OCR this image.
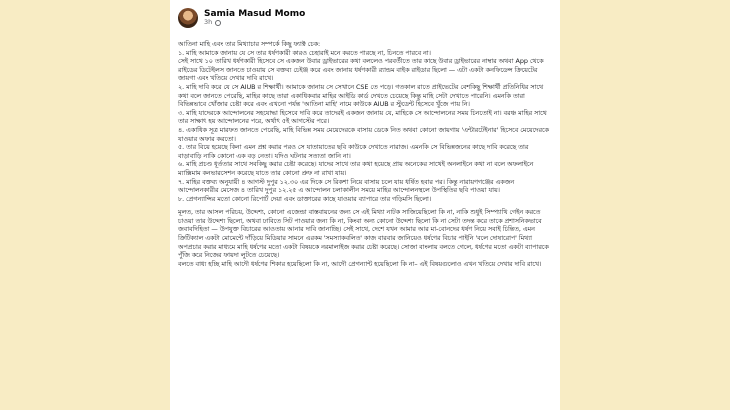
Samia Masud Momo
3h

আতিনা মাহি এবং তার মিথ্যাচার সম্পর্কে কিছু ফ্যাক্ট চেক:

১. মাহি আমাকে জানায় যে সে তার ধর্ষণকারী কারও চেহারাই মনে করতে পারছে না, চিনতে পারবে না।

সেই সাথে ১০ তারিখ ধর্ষণকারী হিসেবে সে একজন উবার ড্রাইভারের কথা বললেও পরবর্তীতে তার কাছে উবার ড্রাইভারের নাম্বার অথবা App থেকে রাইডের ডিটেইলস জানতে চাওয়ায় সে বক্তব্য চেইঞ্জ করে এবং জানায় ধর্ষণকারী র‍্যান্ডম বাইক রাইডার ছিলো — এটা একটা কনফিডেন্স ক্রিয়েটের জায়গা এবং খতিয়ে দেখার দাবি রাখে।

২. মাহি দাবি করে যে সে AIUB র শিক্ষার্থী। আমাকে জানায় সে সেখানে CSE তে পড়ে। গতকাল রাতে প্রাইভেটের বেশকিছু শিক্ষার্থী প্রতিনিধির সাথে কথা বলে জানতে পেরেছি, মাহির কাছে তারা একাধিকবার মাহির আইডি কার্ড দেখতে চেয়েছে কিন্তু মাহি সেটা দেখাতে পারেনি। এমনকি তারা বিভিন্নভাবে খোঁজার চেষ্টা করে এবং এখনো পর্যন্ত 'আতিনা মাহি' নামে কাউকে AIUB র স্টুডেন্ট হিসেবে খুঁজে পায় নি।

৩. মাহি যাদেরকে আন্দোলনের সহযোদ্ধা হিসেবে দাবি করে তাদেরই একজন জানায় যে, মাহিকে সে আন্দোলনের সময় চিনতোই না। বরঞ্চ মাহির সাথে তার সাক্ষাৎ হয় আন্দোলনের পরে, অর্থাৎ ৫ই আগস্টের পরে।

৪. একাধিক সূত্র মারফত জানতে পেরেছি, মাহি বিভিন্ন সময় মেয়েদেরকে বাসায় ডেকে নিত অথবা কোনো জায়গায় 'এন্টারটেইনার' হিসেবে মেয়েদেরকে যাওয়ার অফার করতো।

৫. তার বিয়ে হয়েছে কিনা এমন প্রশ্ন করার পরও সে যাতায়াতের ছবি কাউকে দেখাতে নারাজ। এমনকি সে বিভিন্নজনের কাছে দাবি করেছে তার বাড়াবাড়ি নাকি কোনো এক বড় নেতা। যদিও ঘটনার সত্যতা জানি না।

৬. মাহি প্রচণ্ড ধূর্ততার সাথে সবকিছু করার চেষ্টা করেছে। যাদের সাথে তার কথা হয়েছে প্রায় অনেকের সাথেই অনলাইনে কথা না বলে অফলাইনে ম্যাক্সিমাম কনভারসেশন করেছে যাতে তার কোনো প্রুফ না রাখা যায়।

৭. মাহির বক্তব্য অনুযায়ী ৪ আগস্ট দুপুর ১২.৩০ এর দিকে সে রিকশা নিয়ে বাসায় চলে যায় ধর্ষিত হবার পর। কিন্তু নারায়ণগঞ্জের একজন আন্দোলনকারীর মেসেজ ৪ তারিখ দুপুর ১২.২৫ এ আন্দোলন চলাকালীন সময়ে মাহির আন্দোলনস্থলে উপস্থিতির ছবি পাওয়া যায়।

৮. প্রেগন্যান্সির মতো কোনো রিপোর্ট দেয়া এবং ডাক্তারের কাছে যাওয়ার ব্যাপারে তার গড়িমসি ছিলো।

মূলত, তার আসল পরিচয়, উদ্দেশ্য, কোনো এজেন্ডা বাস্তবায়নের জন্য সে এই মিথ্যা নাটক সাজিয়েছিলো কি না, নাকি শুধুই সিম্প্যাথি গেইন করতে চাওয়া তার উদ্দেশ্য ছিলো, অথবা ঢাবিতে সিট পাওয়ার জন্য কি না, কিংবা অন্য কোনো উদ্দেশ্য ছিলো কি না সেটা তদন্ত করে তাকে প্রশাসনিকভাবে জবাবদিহিতা — উপযুক্ত বিচারের আওতায় আনার দাবি জানাচ্ছি। সেই সাথে, দেশে যখন আমার আর মা-বোনদের ধর্ষণ নিয়ে সবাই চিন্তিত, এমন ক্রিটিক্যাল একটা মোমেন্টে দাঁড়িয়ে মিডিয়ার সামনে এরকম 'সমস্যাকবলিত' কাজ বারবার জানিয়েও ধর্ষণের বিচার পাইনি 'বলে দোষারোপ' মিথ্যা অপপ্রচার করার মাধ্যমে মাহি ধর্ষণের মতো একটা বিষয়কে নরমালাইজ করার চেষ্টা করেছে। সোজা বাংলায় বলতে গেলে, ধর্ষণের মতো একটা ব্যাপারকে পুঁজি করে নিজের ফায়দা লুটতে চেয়েছে।

বলতে বাধ্য হচ্ছি মাহি আদৌ ধর্ষণের শিকার হয়েছিলো কি না, আদৌ প্রেগন্যান্ট হয়েছিলো কি না– এই বিষয়গুলোও এখন খতিয়ে দেখার দাবি রাখে।
